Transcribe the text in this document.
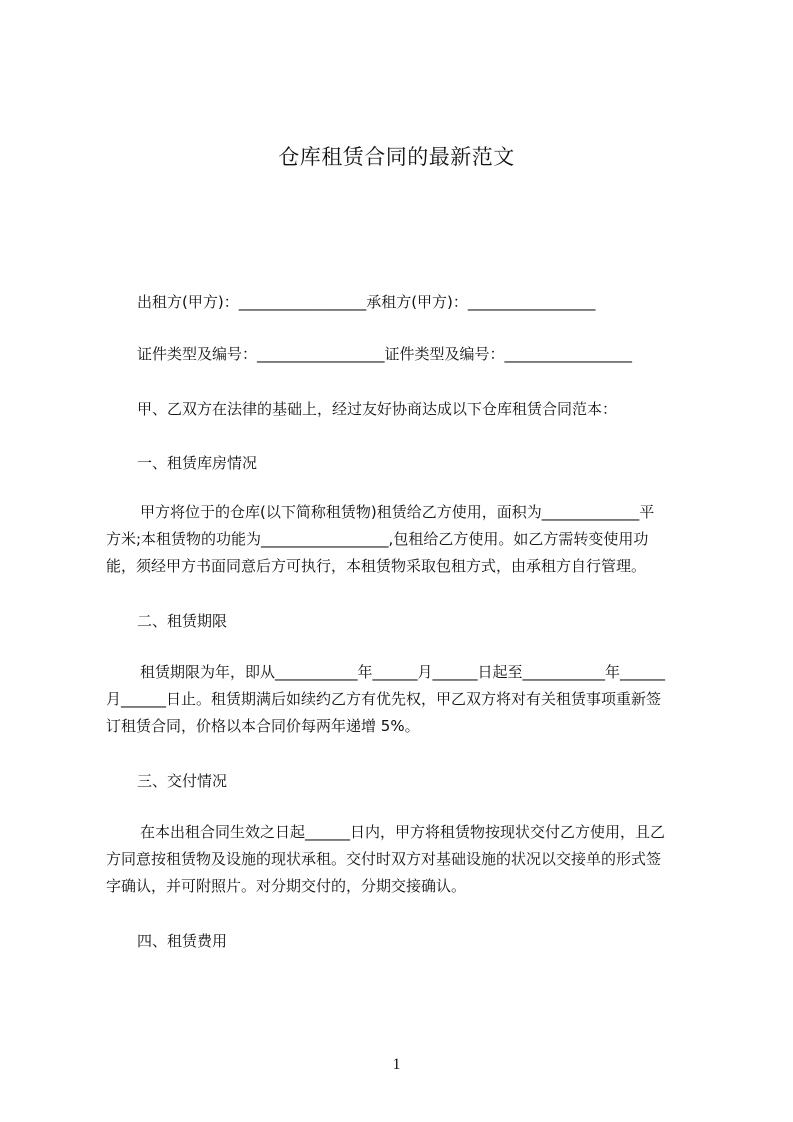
仓库租赁合同的最新范文
出租方(甲方)：_________________承租方(甲方)：_________________
证件类型及编号：_________________证件类型及编号：_________________
甲、乙双方在法律的基础上，经过友好协商达成以下仓库租赁合同范本：
一、租赁库房情况
甲方将位于的仓库(以下简称租赁物)租赁给乙方使用，面积为_____________平
方米;本租赁物的功能为_________________,包租给乙方使用。如乙方需转变使用功
能，须经甲方书面同意后方可执行，本租赁物采取包租方式，由承租方自行管理。
二、租赁期限
租赁期限为年，即从___________年______月______日起至___________年______
月______日止。租赁期满后如续约乙方有优先权，甲乙双方将对有关租赁事项重新签
订租赁合同，价格以本合同价每两年递增 5%。
三、交付情况
在本出租合同生效之日起______日内，甲方将租赁物按现状交付乙方使用，且乙
方同意按租赁物及设施的现状承租。交付时双方对基础设施的状况以交接单的形式签
字确认，并可附照片。对分期交付的，分期交接确认。
四、租赁费用
1
